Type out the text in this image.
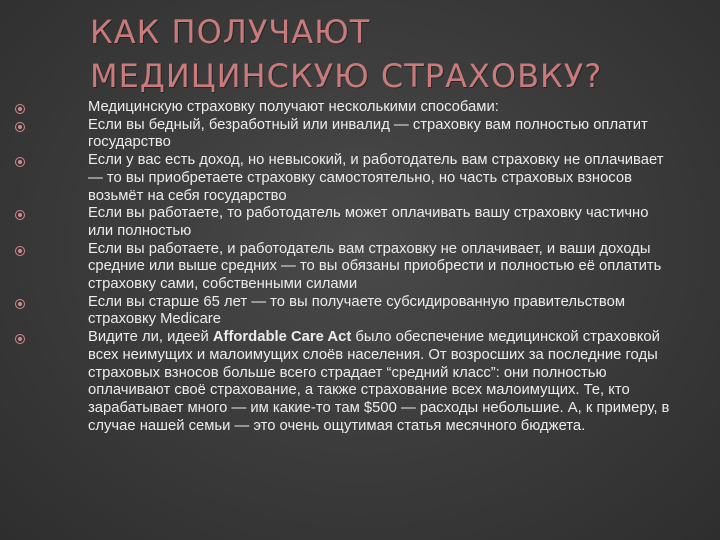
КАК ПОЛУЧАЮТ
МЕДИЦИНСКУЮ СТРАХОВКУ?
Медицинскую страховку получают несколькими способами:
Если вы бедный, безработный или инвалид — страховку вам полностью оплатит государство
Если у вас есть доход, но невысокий, и работодатель вам страховку не оплачивает — то вы приобретаете страховку самостоятельно, но часть страховых взносов возьмёт на себя государство
Если вы работаете, то работодатель может оплачивать вашу страховку частично или полностью
Если вы работаете, и работодатель вам страховку не оплачивает, и ваши доходы средние или выше средних — то вы обязаны приобрести и полностью её оплатить страховку сами, собственными силами
Если вы старше 65 лет — то вы получаете субсидированную правительством страховку Medicare
Видите ли, идеей Affordable Care Act было обеспечение медицинской страховкой всех неимущих и малоимущих слоёв населения. От возросших за последние годы страховых взносов больше всего страдает “средний класс”: они полностью оплачивают своё страхование, а также страхование всех малоимущих. Те, кто зарабатывает много — им какие-то там $500 — расходы небольшие. А, к примеру, в случае нашей семьи — это очень ощутимая статья месячного бюджета.
